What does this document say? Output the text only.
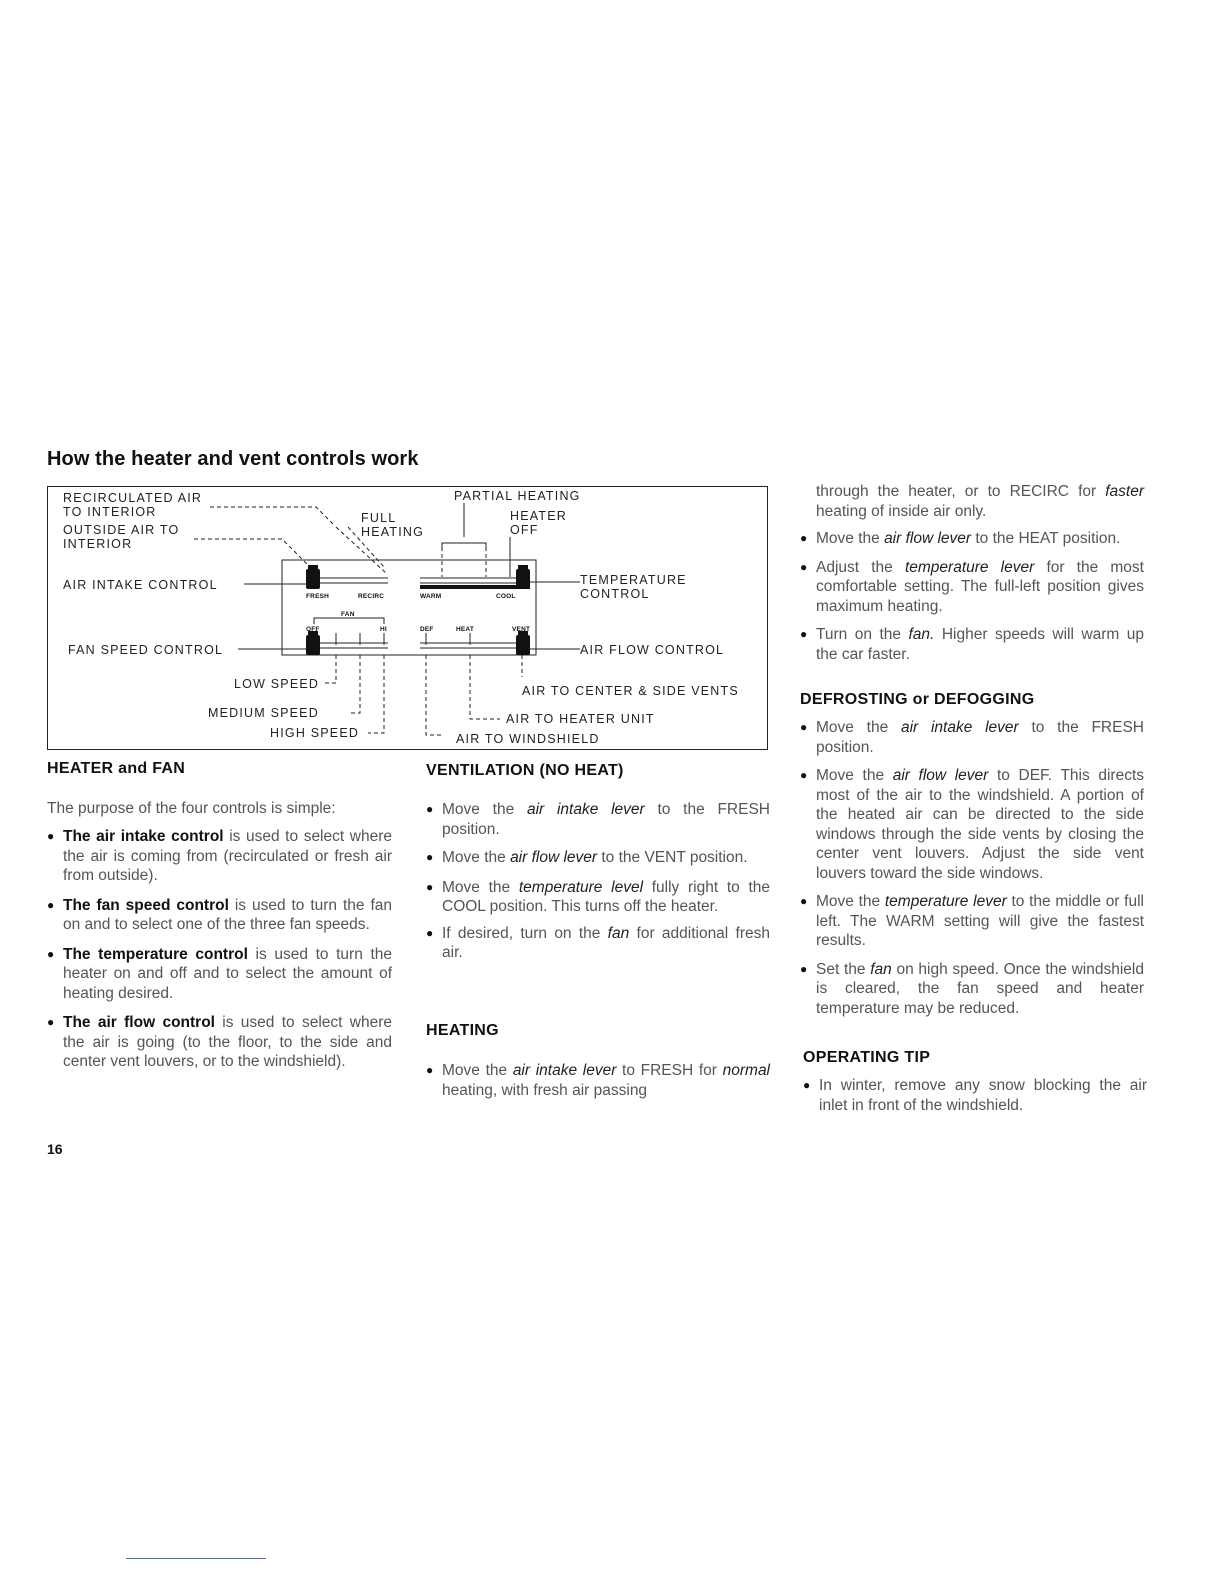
How the heater and vent controls work
RECIRCULATED AIR
TO INTERIOR
OUTSIDE AIR TO
INTERIOR
AIR INTAKE CONTROL
FAN SPEED CONTROL
LOW SPEED
MEDIUM SPEED
HIGH SPEED
FULL
HEATING
PARTIAL HEATING
HEATER
OFF
TEMPERATURE
CONTROL
AIR FLOW CONTROL
AIR TO CENTER & SIDE VENTS
AIR TO HEATER UNIT
AIR TO WINDSHIELD
FRESH	RECIRC
FAN
OFF	HI
WARM	COOL
DEF	HEAT	VENT
HEATER and FAN

The purpose of the four controls is simple:

● The air intake control is used to select where the air is coming from (recirculated or fresh air from outside).
● The fan speed control is used to turn the fan on and to select one of the three fan speeds.
● The temperature control is used to turn the heater on and off and to select the amount of heating desired.
● The air flow control is used to select where the air is going (to the floor, to the side and center vent louvers, or to the windshield).
VENTILATION (NO HEAT)
● Move the air intake lever to the FRESH position.
● Move the air flow lever to the VENT position.
● Move the temperature level fully right to the COOL position. This turns off the heater.
● If desired, turn on the fan for additional fresh air.
HEATING
● Move the air intake lever to FRESH for normal heating, with fresh air passing

through the heater, or to RECIRC for faster heating of inside air only.

● Move the air flow lever to the HEAT position.
● Adjust the temperature lever for the most comfortable setting. The full-left position gives maximum heating.
● Turn on the fan. Higher speeds will warm up the car faster.
DEFROSTING or DEFOGGING
● Move the air intake lever to the FRESH position.
● Move the air flow lever to DEF. This directs most of the air to the windshield. A portion of the heated air can be directed to the side windows through the side vents by closing the center vent louvers. Adjust the side vent louvers toward the side windows.
● Move the temperature lever to the middle or full left. The WARM setting will give the fastest results.
● Set the fan on high speed. Once the windshield is cleared, the fan speed and heater temperature may be reduced.
OPERATING TIP
● In winter, remove any snow blocking the air inlet in front of the windshield.
16
